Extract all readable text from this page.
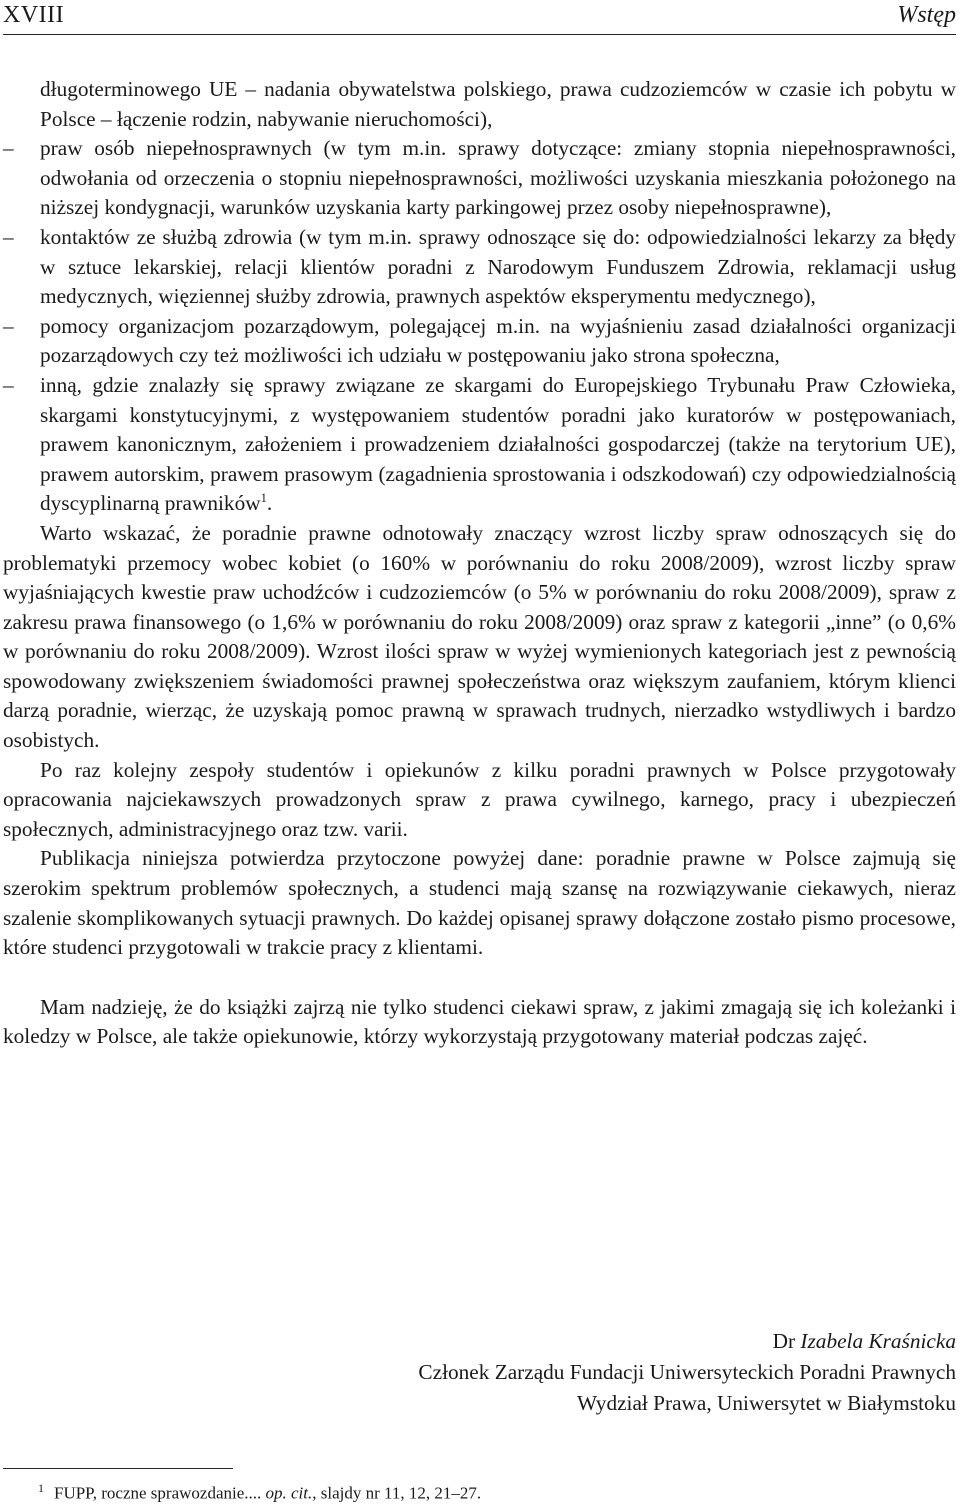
XVIII	Wstęp

długoterminowego UE – nadania obywatelstwa polskiego, prawa cudzoziemców w czasie ich pobytu w Polsce – łączenie rodzin, nabywanie nieruchomości),

– praw osób niepełnosprawnych (w tym m.in. sprawy dotyczące: zmiany stopnia niepełnosprawności, odwołania od orzeczenia o stopniu niepełnosprawności, możliwości uzyskania mieszkania położonego na niższej kondygnacji, warunków uzyskania karty parkingowej przez osoby niepełnosprawne),

– kontaktów ze służbą zdrowia (w tym m.in. sprawy odnoszące się do: odpowiedzialności lekarzy za błędy w sztuce lekarskiej, relacji klientów poradni z Narodowym Funduszem Zdrowia, reklamacji usług medycznych, więziennej służby zdrowia, prawnych aspektów eksperymentu medycznego),

– pomocy organizacjom pozarządowym, polegającej m.in. na wyjaśnieniu zasad działalności organizacji pozarządowych czy też możliwości ich udziału w postępowaniu jako strona społeczna,

– inną, gdzie znalazły się sprawy związane ze skargami do Europejskiego Trybunału Praw Człowieka, skargami konstytucyjnymi, z występowaniem studentów poradni jako kuratorów w postępowaniach, prawem kanonicznym, założeniem i prowadzeniem działalności gospodarczej (także na terytorium UE), prawem autorskim, prawem prasowym (zagadnienia sprostowania i odszkodowań) czy odpowiedzialnością dyscyplinarną prawników$^1$.

Warto wskazać, że poradnie prawne odnotowały znaczący wzrost liczby spraw odnoszących się do problematyki przemocy wobec kobiet (o 160% w porównaniu do roku 2008/2009), wzrost liczby spraw wyjaśniających kwestie praw uchodźców i cudzoziemców (o 5% w porównaniu do roku 2008/2009), spraw z zakresu prawa finansowego (o 1,6% w porównaniu do roku 2008/2009) oraz spraw z kategorii „inne” (o 0,6% w porównaniu do roku 2008/2009). Wzrost ilości spraw w wyżej wymienionych kategoriach jest z pewnością spowodowany zwiększeniem świadomości prawnej społeczeństwa oraz większym zaufaniem, którym klienci darzą poradnie, wierząc, że uzyskają pomoc prawną w sprawach trudnych, nierzadko wstydliwych i bardzo osobistych.

Po raz kolejny zespoły studentów i opiekunów z kilku poradni prawnych w Polsce przygotowały opracowania najciekawszych prowadzonych spraw z prawa cywilnego, karnego, pracy i ubezpieczeń społecznych, administracyjnego oraz tzw. varii.

Publikacja niniejsza potwierdza przytoczone powyżej dane: poradnie prawne w Polsce zajmują się szerokim spektrum problemów społecznych, a studenci mają szansę na rozwiązywanie ciekawych, nieraz szalenie skomplikowanych sytuacji prawnych. Do każdej opisanej sprawy dołączone zostało pismo procesowe, które studenci przygotowali w trakcie pracy z klientami.

Mam nadzieję, że do książki zajrzą nie tylko studenci ciekawi spraw, z jakimi zmagają się ich koleżanki i koledzy w Polsce, ale także opiekunowie, którzy wykorzystają przygotowany materiał podczas zajęć.

Dr Izabela Kraśnicka
Członek Zarządu Fundacji Uniwersyteckich Poradni Prawnych
Wydział Prawa, Uniwersytet w Białymstoku
$^1$ FUPP, roczne sprawozdanie.... op. cit., slajdy nr 11, 12, 21–27.
